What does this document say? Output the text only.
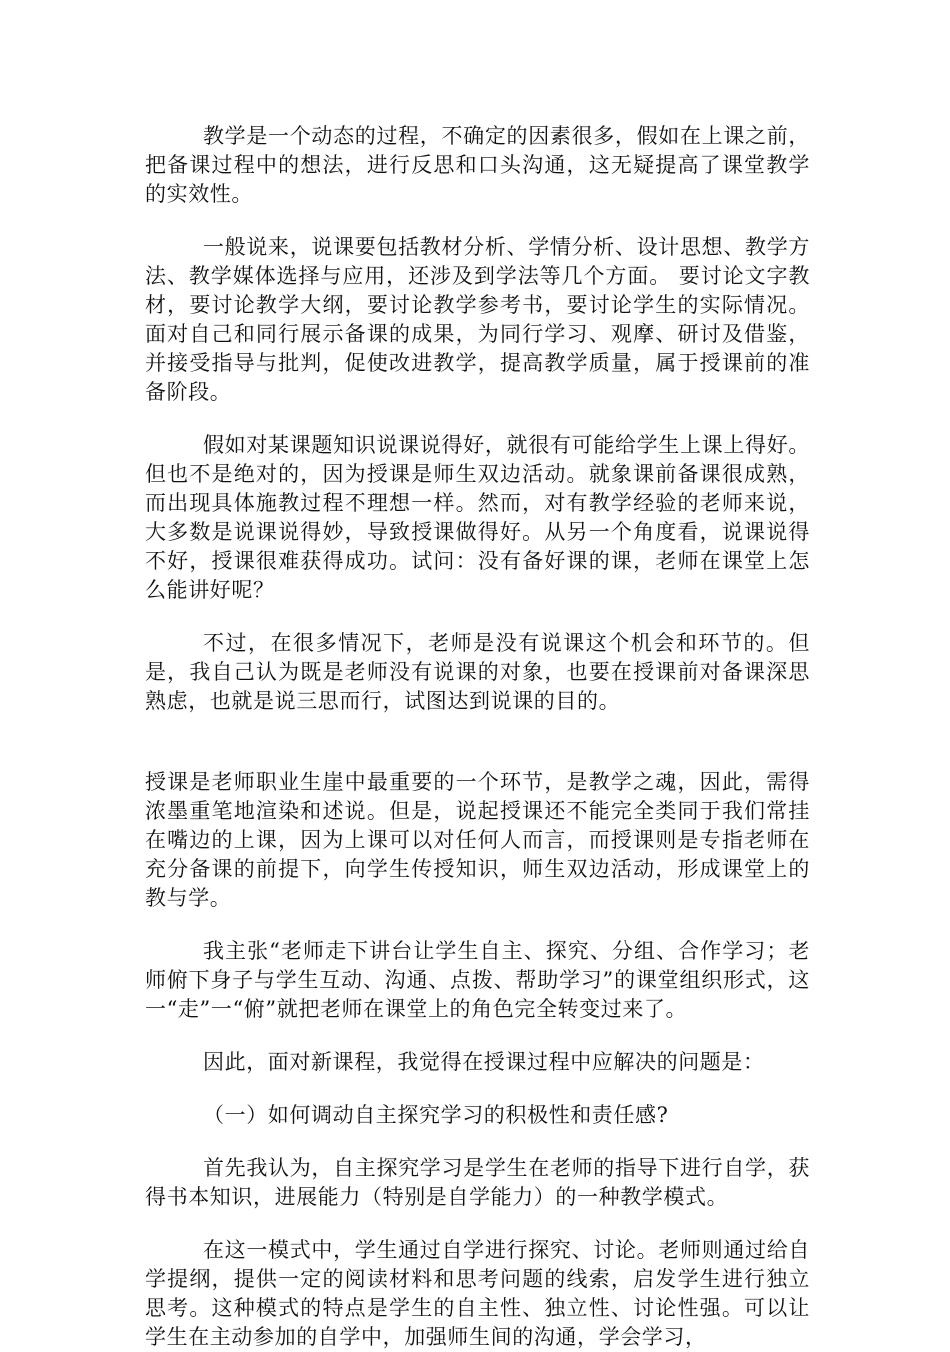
教学是一个动态的过程，不确定的因素很多，假如在上课之前，把备课过程中的想法，进行反思和口头沟通，这无疑提高了课堂教学的实效性。

一般说来，说课要包括教材分析、学情分析、设计思想、教学方法、教学媒体选择与应用，还涉及到学法等几个方面。 要讨论文字教材，要讨论教学大纲，要讨论教学参考书，要讨论学生的实际情况。面对自己和同行展示备课的成果，为同行学习、观摩、研讨及借鉴，并接受指导与批判，促使改进教学，提高教学质量，属于授课前的准备阶段。

假如对某课题知识说课说得好，就很有可能给学生上课上得好。但也不是绝对的，因为授课是师生双边活动。就象课前备课很成熟，而出现具体施教过程不理想一样。然而，对有教学经验的老师来说，大多数是说课说得妙，导致授课做得好。从另一个角度看，说课说得不好，授课很难获得成功。试问：没有备好课的课，老师在课堂上怎么能讲好呢？

不过，在很多情况下，老师是没有说课这个机会和环节的。但是，我自己认为既是老师没有说课的对象，也要在授课前对备课深思熟虑，也就是说三思而行，试图达到说课的目的。

授课是老师职业生崖中最重要的一个环节，是教学之魂，因此，需得浓墨重笔地渲染和述说。但是，说起授课还不能完全类同于我们常挂在嘴边的上课，因为上课可以对任何人而言，而授课则是专指老师在充分备课的前提下，向学生传授知识，师生双边活动，形成课堂上的教与学。

我主张“老师走下讲台让学生自主、探究、分组、合作学习；老师俯下身子与学生互动、沟通、点拨、帮助学习”的课堂组织形式，这一“走”一“俯”就把老师在课堂上的角色完全转变过来了。

因此，面对新课程，我觉得在授课过程中应解决的问题是：

（一）如何调动自主探究学习的积极性和责任感?

首先我认为，自主探究学习是学生在老师的指导下进行自学，获得书本知识，进展能力（特别是自学能力）的一种教学模式。

在这一模式中，学生通过自学进行探究、讨论。老师则通过给自学提纲，提供一定的阅读材料和思考问题的线索，启发学生进行独立思考。这种模式的特点是学生的自主性、独立性、讨论性强。可以让学生在主动参加的自学中，加强师生间的沟通，学会学习，
